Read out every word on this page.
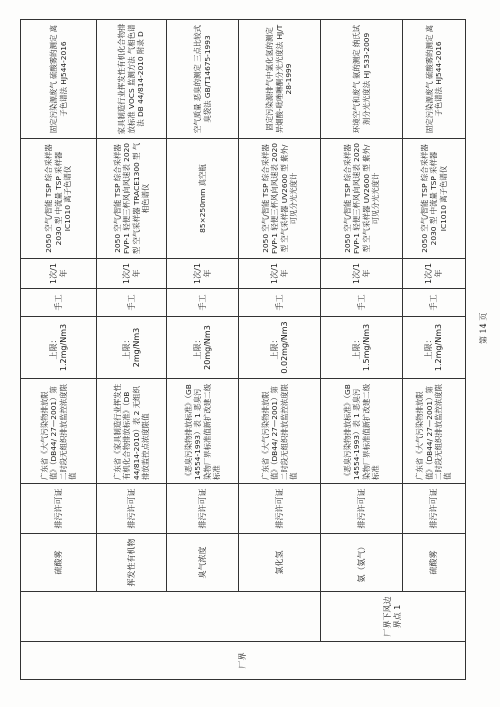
厂界		硫酸雾	排污许可证	广东省《大气污染物排放限值》（DB44/ 27—2001）第二时段无组织排放监控浓度限值	上限：1.2mg/Nm3	手工	1次/1年	2050 空气/智能 TSP 综合采样器 2030 型 中流量 TSP 采样器 IC1010 离子色谱仪	固定污染源废气 硫酸雾的测定 离子色谱法 HJ544-2016
		挥发性有机物	排污许可证	广东省《家具制造行业挥发性有机化合物排放标准》（DB 44/814-2010）表 2 无组织排放监控点浓度限值	上限：2mg/Nm3	手工	1次/1年	2050 空气/智能 TSP 综合采样器 FVP-1 轻便三杯风向风速表 2020 型 空气采样器 TRACE1300 型 气相色谱仪	家具制造行业挥发性有机化合物排放标准 VOCS 监测方法 气相色谱法 DB 44/814-2010 附录 D
		臭气浓度	排污许可证	《恶臭污染物排放标准》（GB 14554-1993）表 1 恶臭污染物厂界标准值新扩改建二级标准	上限：20mg/Nm3	手工	1次/1年	85×250mm 真空瓶	空气质量 恶臭的测定 三点比较式臭袋法 GB/T14675-1993
		氯化氢	排污许可证	广东省《大气污染物排放限值》（DB44/ 27—2001）第二时段无组织排放监控浓度限值	上限：0.02mg/Nm3	手工	1次/1年	2050 空气/智能 TSP 综合采样器 FVP-1 轻便三杯风向风速表 2020 型 空气采样器 UV2600 型 紫外/可见分光光度计	固定污染源排气中氯化氢的测定 异烟酸-吡唑啉酮分光光度法 HJ/T 28-1999
	厂界下风边界点 1	氨（氨气）	排污许可证	《恶臭污染物排放标准》（GB 14554-1993）表 1 恶臭污染物厂界标准值新扩改建二级标准	上限：1.5mg/Nm3	手工	1次/1年	2050 空气/智能 TSP 综合采样器 FVP-1 轻便三杯风向风速表 2020 型 空气采样器 UV2600 型 紫外/可见分光光度计	环境空气和废气 氨的测定 纳氏试剂分光光度法 HJ 533-2009
		硫酸雾	排污许可证	广东省《大气污染物排放限值》（DB44/ 27—2001）第二时段无组织排放监控浓度限值	上限：1.2mg/Nm3	手工	1次/1年	2050 空气/智能 TSP 综合采样器 2030 型 中流量 TSP 采样器 IC1010 离子色谱仪	固定污染源废气 硫酸雾的测定 离子色谱法 HJ544-2016
第 14 页
